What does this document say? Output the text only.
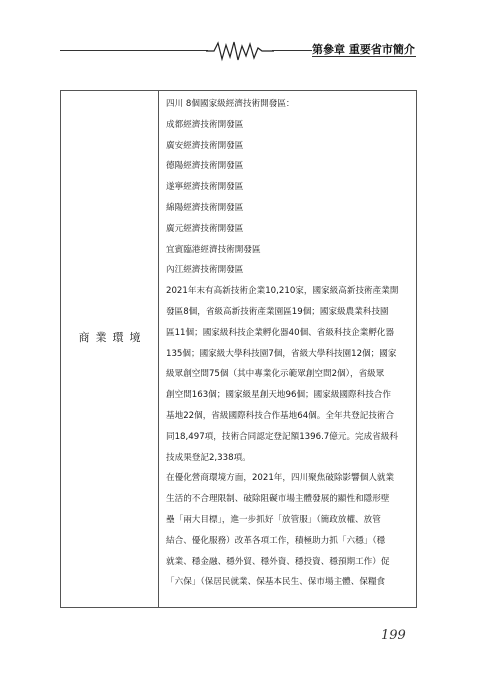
第參章 重要省市簡介
商業環境
四川 8個國家級經濟技術開發區：
成都經濟技術開發區
廣安經濟技術開發區
德陽經濟技術開發區
遂寧經濟技術開發區
綿陽經濟技術開發區
廣元經濟技術開發區
宜賓臨港經濟技術開發區
內江經濟技術開發區
2021年末有高新技術企業10,210家，國家級高新技術產業開
發區8個，省級高新技術產業園區19個；國家級農業科技園
區11個；國家級科技企業孵化器40個、省級科技企業孵化器
135個；國家級大學科技園7個，省級大學科技園12個；國家
級眾創空間75個（其中專業化示範眾創空間2個），省級眾
創空間163個；國家級星創天地96個；國家級國際科技合作
基地22個，省級國際科技合作基地64個。全年共登記技術合
同18,497項，技術合同認定登記額1396.7億元。完成省級科
技成果登記2,338項。
在優化營商環境方面，2021年，四川聚焦破除影響個人就業
生活的不合理限制、破除阻礙市場主體發展的顯性和隱形壁
壘「兩大目標」，進一步抓好「放管服」（簡政放權、放管
結合、優化服務）改革各項工作，積極助力抓「六穩」（穩
就業、穩金融、穩外貿、穩外資、穩投資、穩預期工作）促
「六保」（保居民就業、保基本民生、保市場主體、保糧食
199
